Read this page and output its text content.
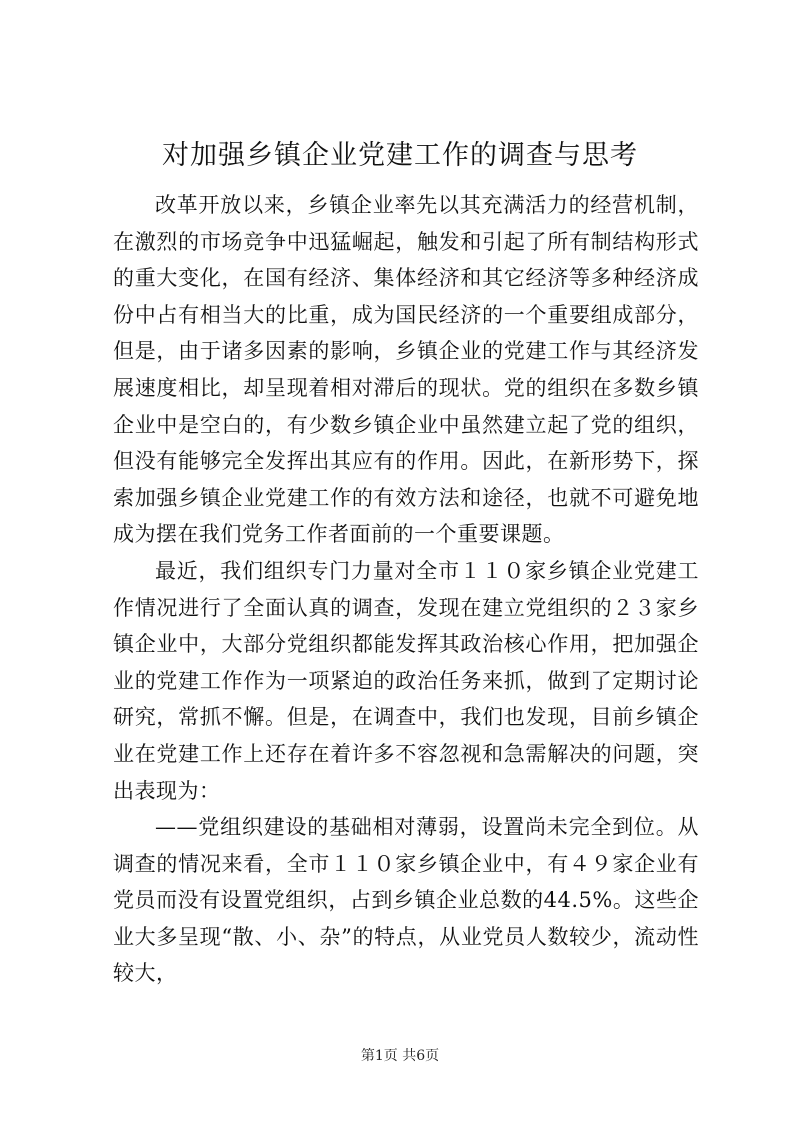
对加强乡镇企业党建工作的调查与思考

改革开放以来，乡镇企业率先以其充满活力的经营机制，在激烈的市场竞争中迅猛崛起，触发和引起了所有制结构形式的重大变化，在国有经济、集体经济和其它经济等多种经济成份中占有相当大的比重，成为国民经济的一个重要组成部分，但是，由于诸多因素的影响，乡镇企业的党建工作与其经济发展速度相比，却呈现着相对滞后的现状。党的组织在多数乡镇企业中是空白的，有少数乡镇企业中虽然建立起了党的组织，但没有能够完全发挥出其应有的作用。因此，在新形势下，探索加强乡镇企业党建工作的有效方法和途径，也就不可避免地成为摆在我们党务工作者面前的一个重要课题。

最近，我们组织专门力量对全市１１０家乡镇企业党建工作情况进行了全面认真的调查，发现在建立党组织的２３家乡镇企业中，大部分党组织都能发挥其政治核心作用，把加强企业的党建工作作为一项紧迫的政治任务来抓，做到了定期讨论研究，常抓不懈。但是，在调查中，我们也发现，目前乡镇企业在党建工作上还存在着许多不容忽视和急需解决的问题，突出表现为：

——党组织建设的基础相对薄弱，设置尚未完全到位。从调查的情况来看，全市１１０家乡镇企业中，有４９家企业有党员而没有设置党组织，占到乡镇企业总数的44.5%。这些企业大多呈现“散、小、杂”的特点，从业党员人数较少，流动性较大，

第1页 共6页
